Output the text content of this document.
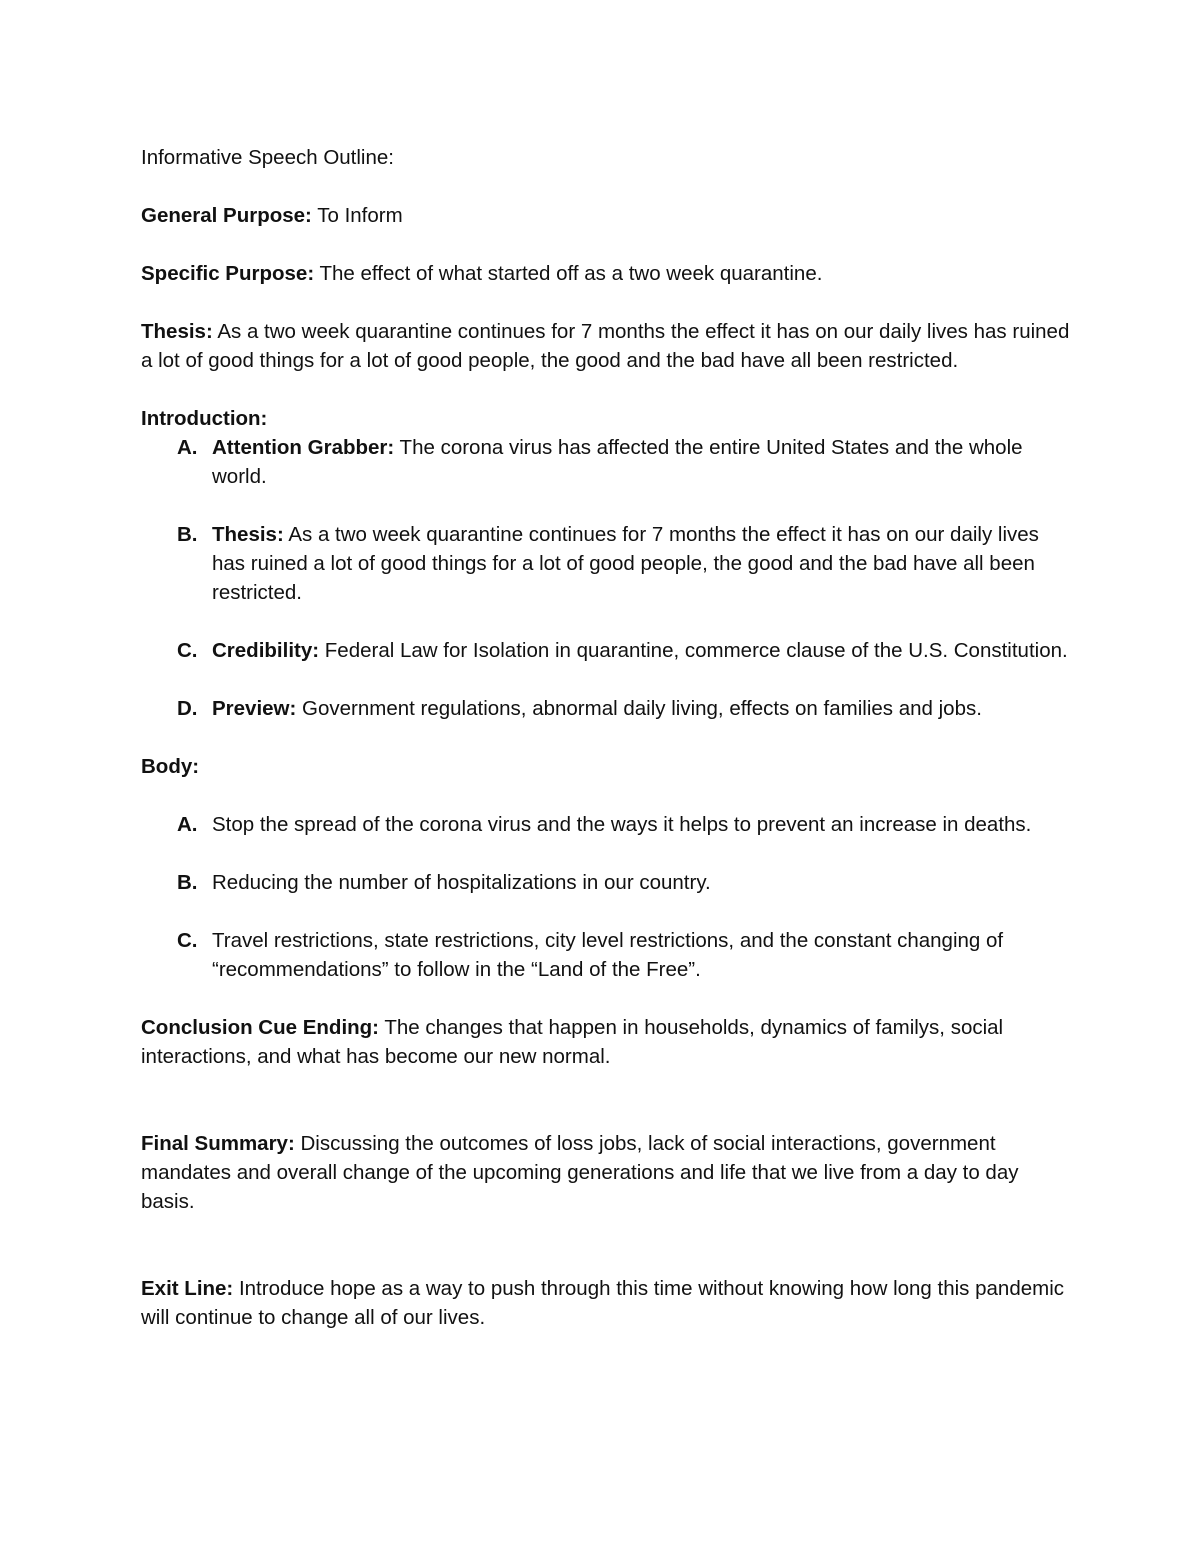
Informative Speech Outline:

General Purpose: To Inform

Specific Purpose: The effect of what started off as a two week quarantine.

Thesis: As a two week quarantine continues for 7 months the effect it has on our daily lives has ruined a lot of good things for a lot of good people, the good and the bad have all been restricted.

Introduction:

A. Attention Grabber: The corona virus has affected the entire United States and the whole world.
B. Thesis: As a two week quarantine continues for 7 months the effect it has on our daily lives has ruined a lot of good things for a lot of good people, the good and the bad have all been restricted.
C. Credibility: Federal Law for Isolation in quarantine, commerce clause of the U.S. Constitution.
D. Preview: Government regulations, abnormal daily living, effects on families and jobs.

Body:

A. Stop the spread of the corona virus and the ways it helps to prevent an increase in deaths.
B. Reducing the number of hospitalizations in our country.
C. Travel restrictions, state restrictions, city level restrictions, and the constant changing of “recommendations” to follow in the “Land of the Free”.

Conclusion Cue Ending: The changes that happen in households, dynamics of familys, social interactions, and what has become our new normal.

Final Summary: Discussing the outcomes of loss jobs, lack of social interactions, government mandates and overall change of the upcoming generations and life that we live from a day to day basis.

Exit Line: Introduce hope as a way to push through this time without knowing how long this pandemic will continue to change all of our lives.
